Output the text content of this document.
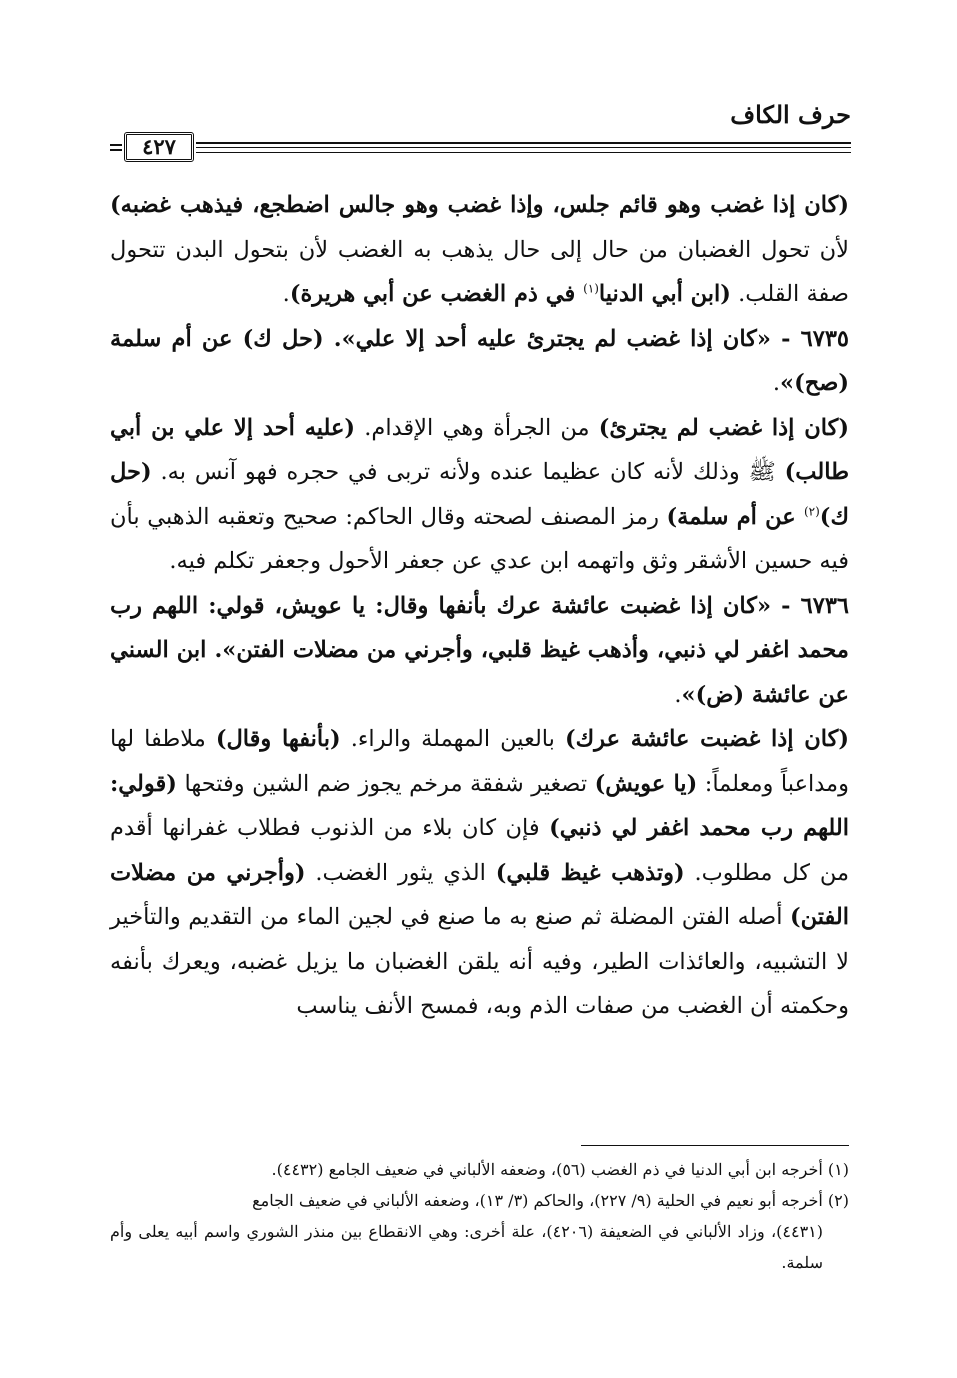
حرف الكاف
٤٢٧

(كان إذا غضب وهو قائم جلس، وإذا غضب وهو جالس اضطجع، فيذهب غضبه) لأن تحول الغضبان من حال إلى حال يذهب به الغضب لأن بتحول البدن تتحول صفة القلب. (ابن أبي الدنيا$^{(١)}$ في ذم الغضب عن أبي هريرة).

٦٧٣٥ - «كان إذا غضب لم يجترئ عليه أحد إلا علي». (حل ك) عن أم سلمة (صح)».

(كان إذا غضب لم يجترئ) من الجرأة وهي الإقدام. (عليه أحد إلا علي بن أبي طالب) ﷺ وذلك لأنه كان عظيما عنده ولأنه تربى في حجره فهو آنس به. (حل ك)$^{(٢)}$ عن أم سلمة) رمز المصنف لصحته وقال الحاكم: صحيح وتعقبه الذهبي بأن فيه حسين الأشقر وثق واتهمه ابن عدي عن جعفر الأحول وجعفر تكلم فيه.

٦٧٣٦ - «كان إذا غضبت عائشة عرك بأنفها وقال: يا عويش، قولي: اللهم رب محمد اغفر لي ذنبي، وأذهب غيظ قلبي، وأجرني من مضلات الفتن». ابن السني عن عائشة (ض)».

(كان إذا غضبت عائشة عرك) بالعين المهملة والراء. (بأنفها وقال) ملاطفا لها ومداعباً ومعلماً: (يا عويش) تصغير شفقة مرخم يجوز ضم الشين وفتحها (قولي: اللهم رب محمد اغفر لي ذنبي) فإن كان بلاء من الذنوب فطلاب غفرانها أقدم من كل مطلوب. (وتذهب غيظ قلبي) الذي يثور الغضب. (وأجرني من مضلات الفتن) أصله الفتن المضلة ثم صنع به ما صنع في لجين الماء من التقديم والتأخير لا التشبيه، والعائذات الطير، وفيه أنه يلقن الغضبان ما يزيل غضبه، ويعرك بأنفه وحكمته أن الغضب من صفات الذم وبه، فمسح الأنف يناسب

(١) أخرجه ابن أبي الدنيا في ذم الغضب (٥٦)، وضعفه الألباني في ضعيف الجامع (٤٤٣٢).

(٢) أخرجه أبو نعيم في الحلية (٩/ ٢٢٧)، والحاكم (٣/ ١٣)، وضعفه الألباني في ضعيف الجامع

(٤٤٣١)، وزاد الألباني في الضعيفة (٤٢٠٦)، علة أخرى: وهي الانقطاع بين منذر الشوري واسم أبيه يعلى وأم سلمة.
